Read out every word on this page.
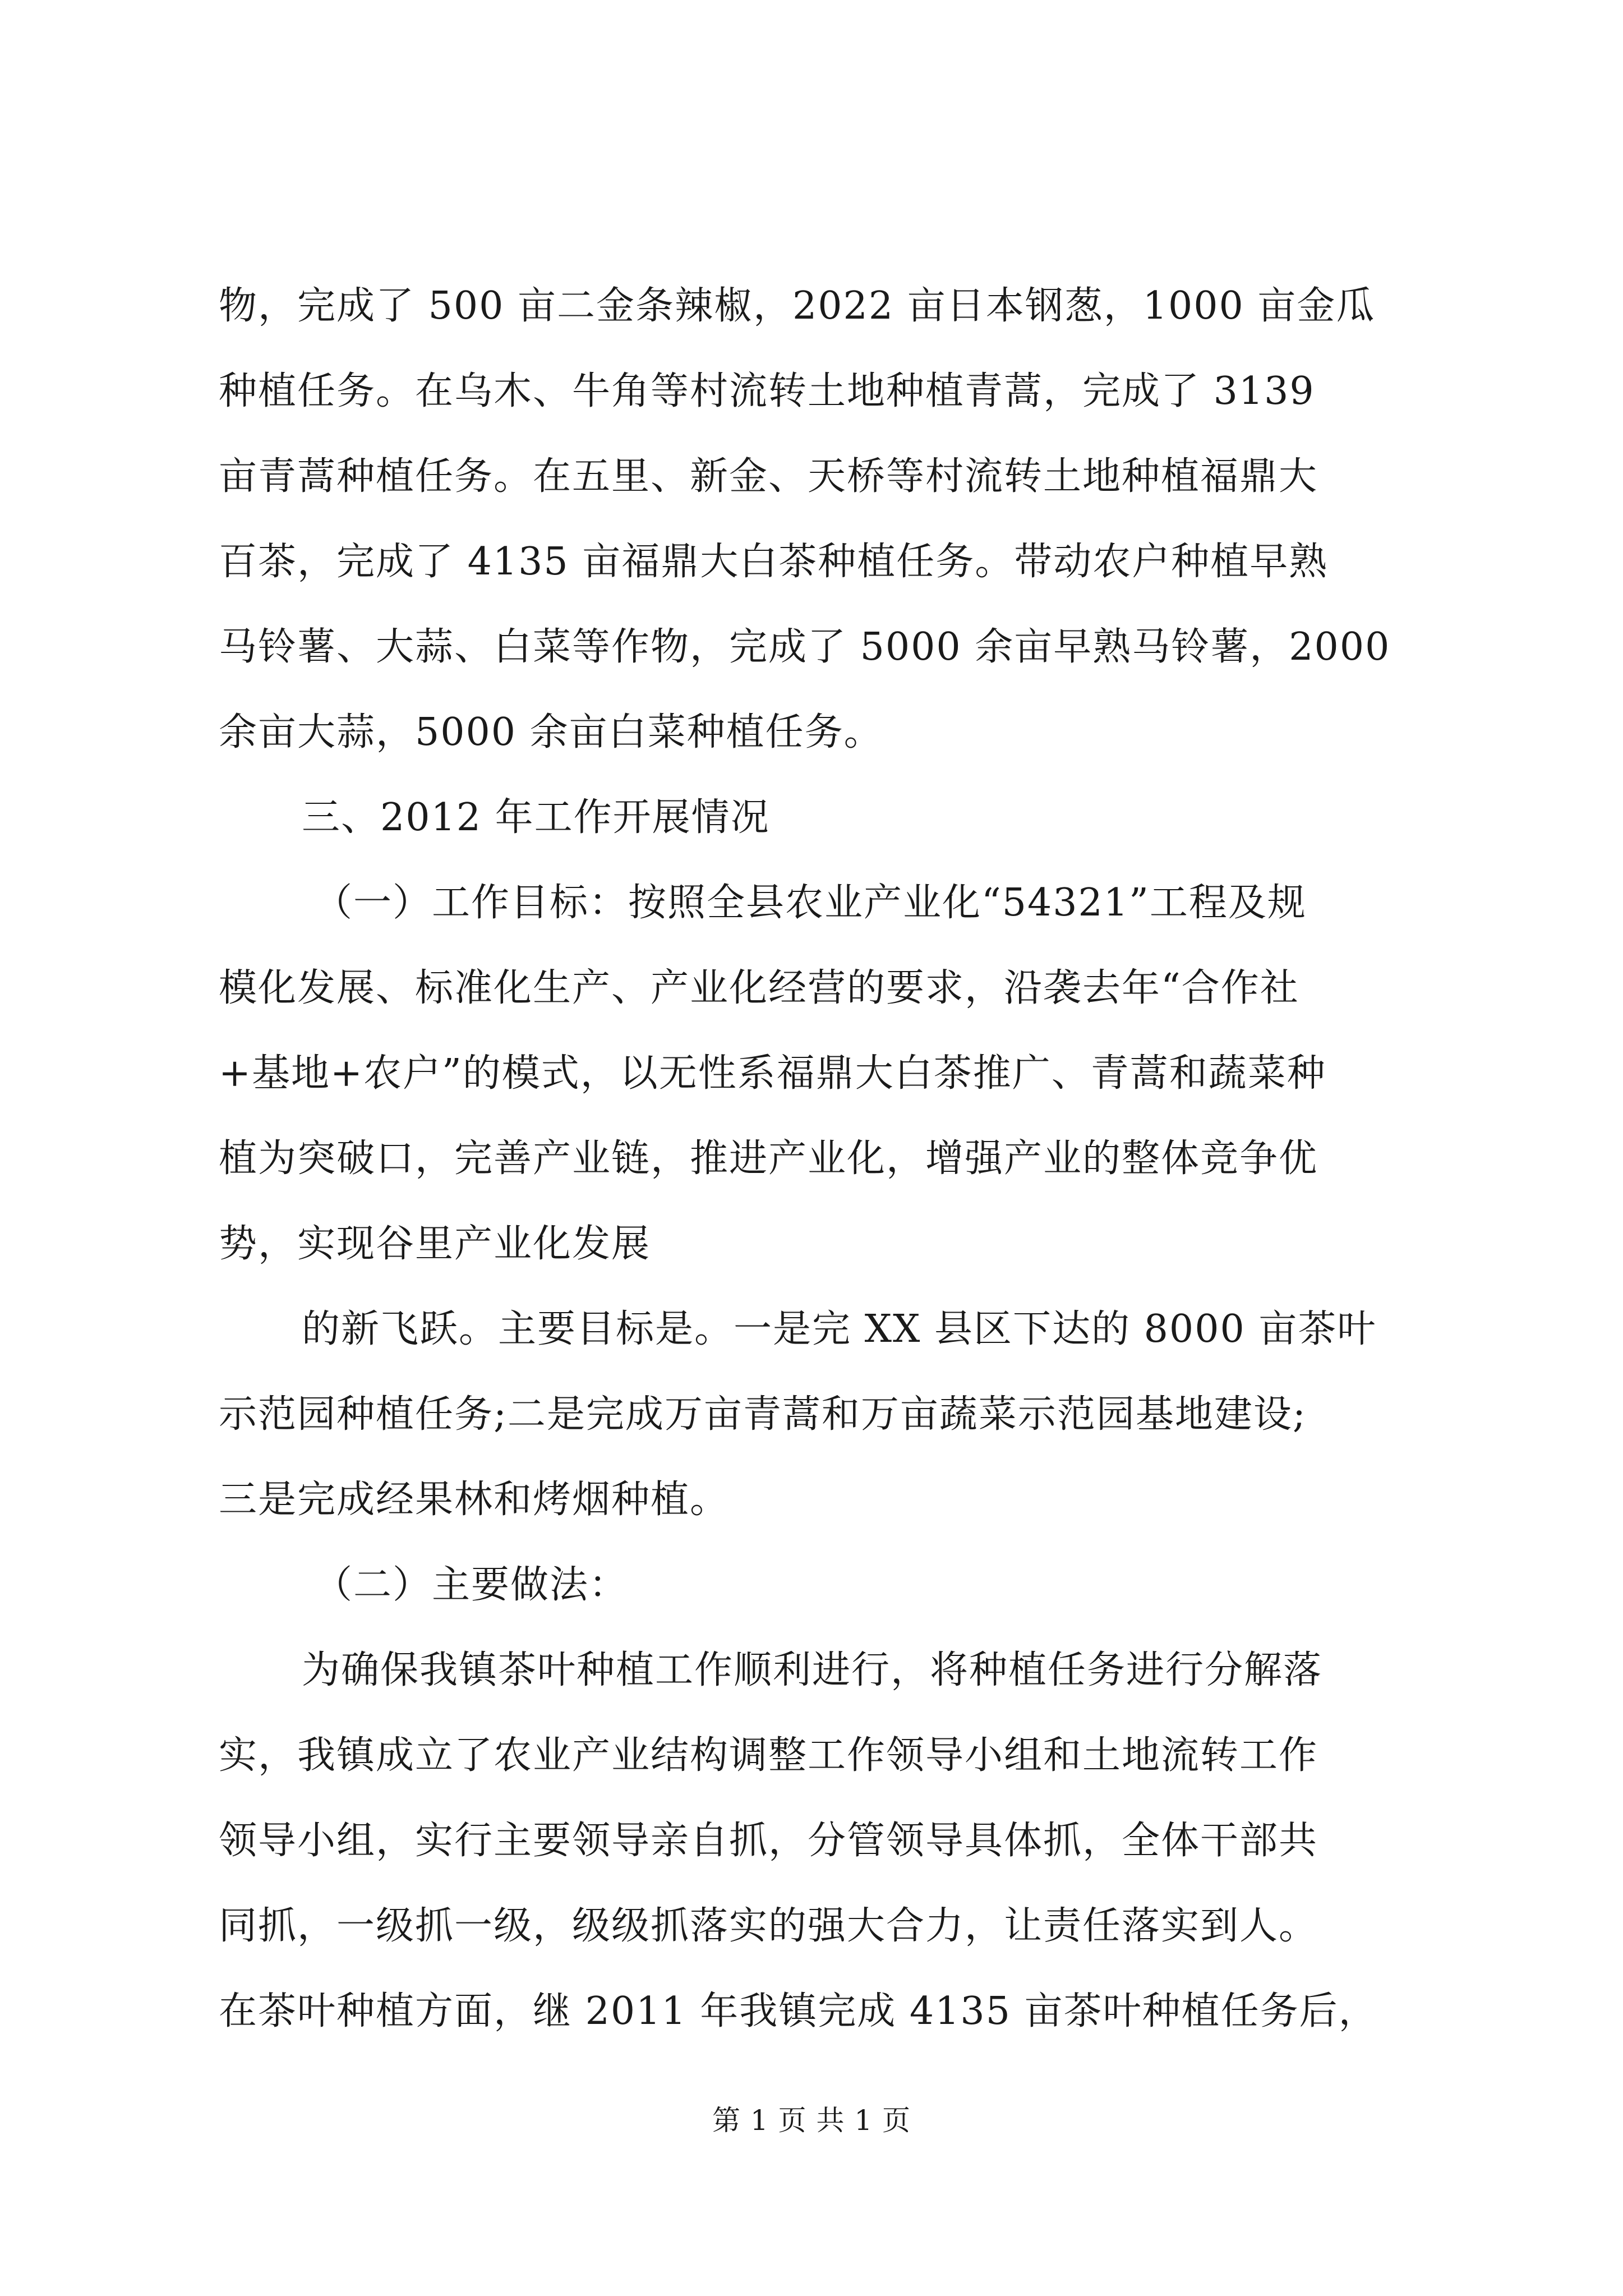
物，完成了 500 亩二金条辣椒，2022 亩日本钢葱，1000 亩金瓜
种植任务。在乌木、牛角等村流转土地种植青蒿，完成了 3139
亩青蒿种植任务。在五里、新金、天桥等村流转土地种植福鼎大
百茶，完成了 4135 亩福鼎大白茶种植任务。带动农户种植早熟
马铃薯、大蒜、白菜等作物，完成了 5000 余亩早熟马铃薯，2000
余亩大蒜，5000 余亩白菜种植任务。
三、2012 年工作开展情况
（一）工作目标：按照全县农业产业化“54321”工程及规
模化发展、标准化生产、产业化经营的要求，沿袭去年“合作社
+基地+农户”的模式，以无性系福鼎大白茶推广、青蒿和蔬菜种
植为突破口，完善产业链，推进产业化，增强产业的整体竞争优
势，实现谷里产业化发展
的新飞跃。主要目标是。一是完 XX 县区下达的 8000 亩茶叶
示范园种植任务;二是完成万亩青蒿和万亩蔬菜示范园基地建设;
三是完成经果林和烤烟种植。
（二）主要做法：
为确保我镇茶叶种植工作顺利进行，将种植任务进行分解落
实，我镇成立了农业产业结构调整工作领导小组和土地流转工作
领导小组，实行主要领导亲自抓，分管领导具体抓，全体干部共
同抓，一级抓一级，级级抓落实的强大合力，让责任落实到人。
在茶叶种植方面，继 2011 年我镇完成 4135 亩茶叶种植任务后，
第 1 页 共 1 页
